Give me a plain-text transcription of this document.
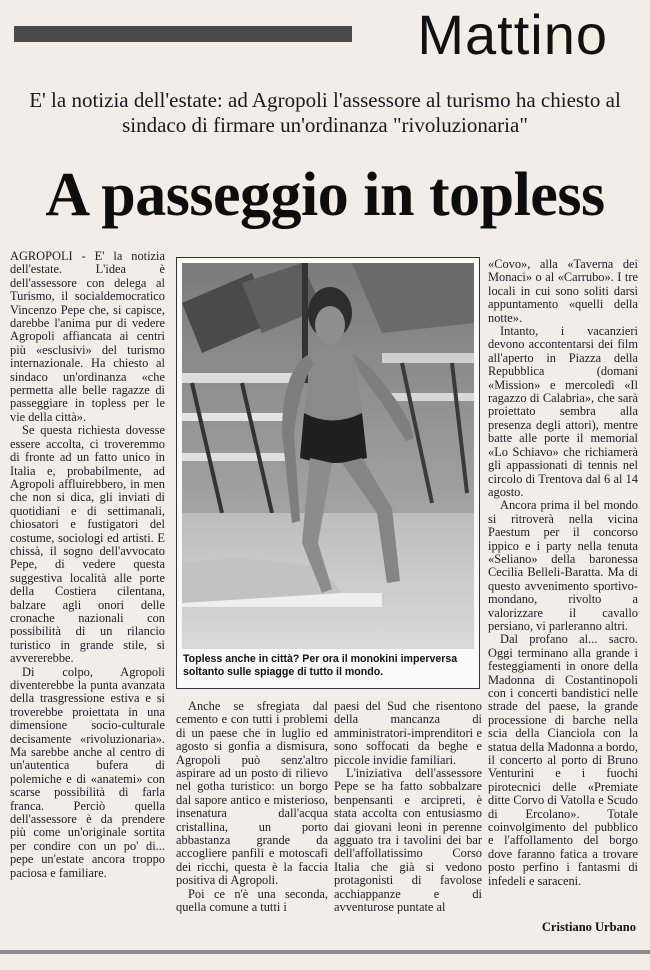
Mattino
E' la notizia dell'estate: ad Agropoli l'assessore al turismo ha chiesto al sindaco di firmare un'ordinanza "rivoluzionaria"
A passeggio in topless

AGROPOLI - E' la notizia dell'estate. L'idea è dell'assessore con delega al Turismo, il socialdemocratico Vincenzo Pepe che, si capisce, darebbe l'anima pur di vedere Agropoli affiancata ai centri più «esclusivi» del turismo internazionale. Ha chiesto al sindaco un'ordinanza «che permetta alle belle ragazze di passeggiare in topless per le vie della città».

Se questa richiesta dovesse essere accolta, ci troveremmo di fronte ad un fatto unico in Italia e, probabilmente, ad Agropoli affluirebbero, in men che non si dica, gli inviati di quotidiani e di settimanali, chiosatori e fustigatori del costume, sociologi ed artisti. E chissà, il sogno dell'avvocato Pepe, di vedere questa suggestiva località alle porte della Costiera cilentana, balzare agli onori delle cronache nazionali con possibilità di un rilancio turistico in grande stile, si avvererebbe.

Di colpo, Agropoli diventerebbe la punta avanzata della trasgressione estiva e si troverebbe proiettata in una dimensione socio-culturale decisamente «rivoluzionaria». Ma sarebbe anche al centro di un'autentica bufera di polemiche e di «anatemi» con scarse possibilità di farla franca. Perciò quella dell'assessore è da prendere più come un'originale sortita per condire con un po' di... pepe un'estate ancora troppo paciosa e familiare.

Topless anche in città? Per ora il monokini imperversa soltanto sulle spiagge di tutto il mondo.

Anche se sfregiata dal cemento e con tutti i problemi di un paese che in luglio ed agosto si gonfia a dismisura, Agropoli può senz'altro aspirare ad un posto di rilievo nel gotha turistico: un borgo dal sapore antico e misterioso, insenatura dall'acqua cristallina, un porto abbastanza grande da accogliere panfili e motoscafi dei ricchi, questa è la faccia positiva di Agropoli.

Poi ce n'è una seconda, quella comune a tutti i

paesi del Sud che risentono della mancanza di amministratori-imprenditori e sono soffocati da beghe e piccole invidie familiari.

L'iniziativa dell'assessore Pepe se ha fatto sobbalzare benpensanti e arcipreti, è stata accolta con entusiasmo dai giovani leoni in perenne agguato tra i tavolini dei bar dell'affollatissimo Corso Italia che già si vedono protagonisti di favolose acchiappanze e di avventurose puntate al

«Covo», alla «Taverna dei Monaci» o al «Carrubo». I tre locali in cui sono soliti darsi appuntamento «quelli della notte».

Intanto, i vacanzieri devono accontentarsi dei film all'aperto in Piazza della Repubblica (domani «Mission» e mercoledì «Il ragazzo di Calabria», che sarà proiettato sembra alla presenza degli attori), mentre batte alle porte il memorial «Lo Schiavo» che richiamerà gli appassionati di tennis nel circolo di Trentova dal 6 al 14 agosto.

Ancora prima il bel mondo si ritroverà nella vicina Paestum per il concorso ippico e i party nella tenuta «Seliano» della baronessa Cecilia Belleli-Baratta. Ma di questo avvenimento sportivo-mondano, rivolto a valorizzare il cavallo persiano, vi parleranno altri.

Dal profano al... sacro. Oggi terminano alla grande i festeggiamenti in onore della Madonna di Costantinopoli con i concerti bandistici nelle strade del paese, la grande processione di barche nella scia della Cianciola con la statua della Madonna a bordo, il concerto al porto di Bruno Venturini e i fuochi pirotecnici delle «Premiate ditte Corvo di Vatolla e Scudo di Ercolano». Totale coinvolgimento del pubblico e l'affollamento del borgo dove faranno fatica a trovare posto perfino i fantasmi di infedeli e saraceni.

Cristiano Urbano
